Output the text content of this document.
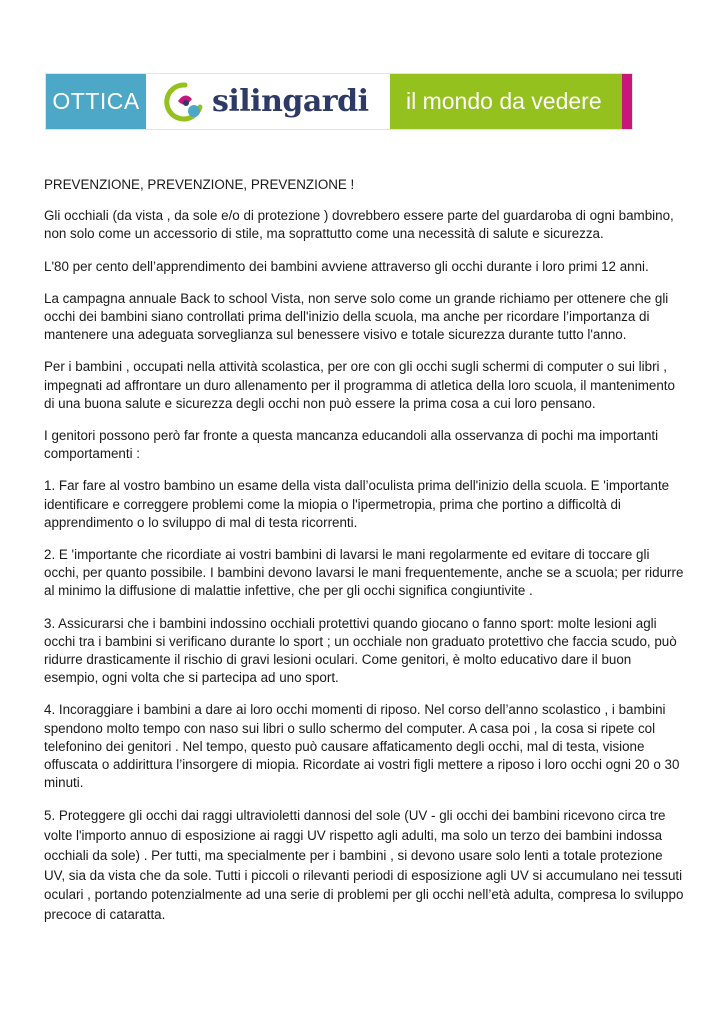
OTTICA silingardi	il mondo da vedere

PREVENZIONE, PREVENZIONE, PREVENZIONE !

Gli occhiali (da vista , da sole e/o di protezione ) dovrebbero essere parte del guardaroba di ogni bambino, non solo come un accessorio di stile, ma soprattutto come una necessità di salute e sicurezza.

L'80 per cento dell’apprendimento dei bambini avviene attraverso gli occhi durante i loro primi 12 anni.

La campagna annuale Back to school Vista, non serve solo come un grande richiamo per ottenere che gli occhi dei bambini siano controllati prima dell'inizio della scuola, ma anche per ricordare l’importanza di mantenere una adeguata sorveglianza sul benessere visivo e totale sicurezza durante tutto l'anno.

Per i bambini , occupati nella attività scolastica, per ore con gli occhi sugli schermi di computer o sui libri , impegnati ad affrontare un duro allenamento per il programma di atletica della loro scuola, il mantenimento di una buona salute e sicurezza degli occhi non può essere la prima cosa a cui loro pensano.

I genitori possono però far fronte a questa mancanza educandoli alla osservanza di pochi ma importanti comportamenti :

1. Far fare al vostro bambino un esame della vista dall’oculista prima dell'inizio della scuola. E 'importante identificare e correggere problemi come la miopia o l'ipermetropia, prima che portino a difficoltà di apprendimento o lo sviluppo di mal di testa ricorrenti.

2. E 'importante che ricordiate ai vostri bambini di lavarsi le mani regolarmente ed evitare di toccare gli occhi, per quanto possibile. I bambini devono lavarsi le mani frequentemente, anche se a scuola; per ridurre al minimo la diffusione di malattie infettive, che per gli occhi significa congiuntivite .

3. Assicurarsi che i bambini indossino occhiali protettivi quando giocano o fanno sport: molte lesioni agli occhi tra i bambini si verificano durante lo sport ; un occhiale non graduato protettivo che faccia scudo, può ridurre drasticamente il rischio di gravi lesioni oculari. Come genitori, è molto educativo dare il buon esempio, ogni volta che si partecipa ad uno sport.

4. Incoraggiare i bambini a dare ai loro occhi momenti di riposo. Nel corso dell’anno scolastico , i bambini spendono molto tempo con naso sui libri o sullo schermo del computer. A casa poi , la cosa si ripete col telefonino dei genitori . Nel tempo, questo può causare affaticamento degli occhi, mal di testa, visione offuscata o addirittura l’insorgere di miopia. Ricordate ai vostri figli mettere a riposo i loro occhi ogni 20 o 30 minuti.

5. Proteggere gli occhi dai raggi ultravioletti dannosi del sole (UV - gli occhi dei bambini ricevono circa tre volte l'importo annuo di esposizione ai raggi UV rispetto agli adulti, ma solo un terzo dei bambini indossa occhiali da sole) . Per tutti, ma specialmente per i bambini , si devono usare solo lenti a totale protezione UV, sia da vista che da sole. Tutti i piccoli o rilevanti periodi di esposizione agli UV si accumulano nei tessuti oculari , portando potenzialmente ad una serie di problemi per gli occhi nell’età adulta, compresa lo sviluppo precoce di cataratta.
